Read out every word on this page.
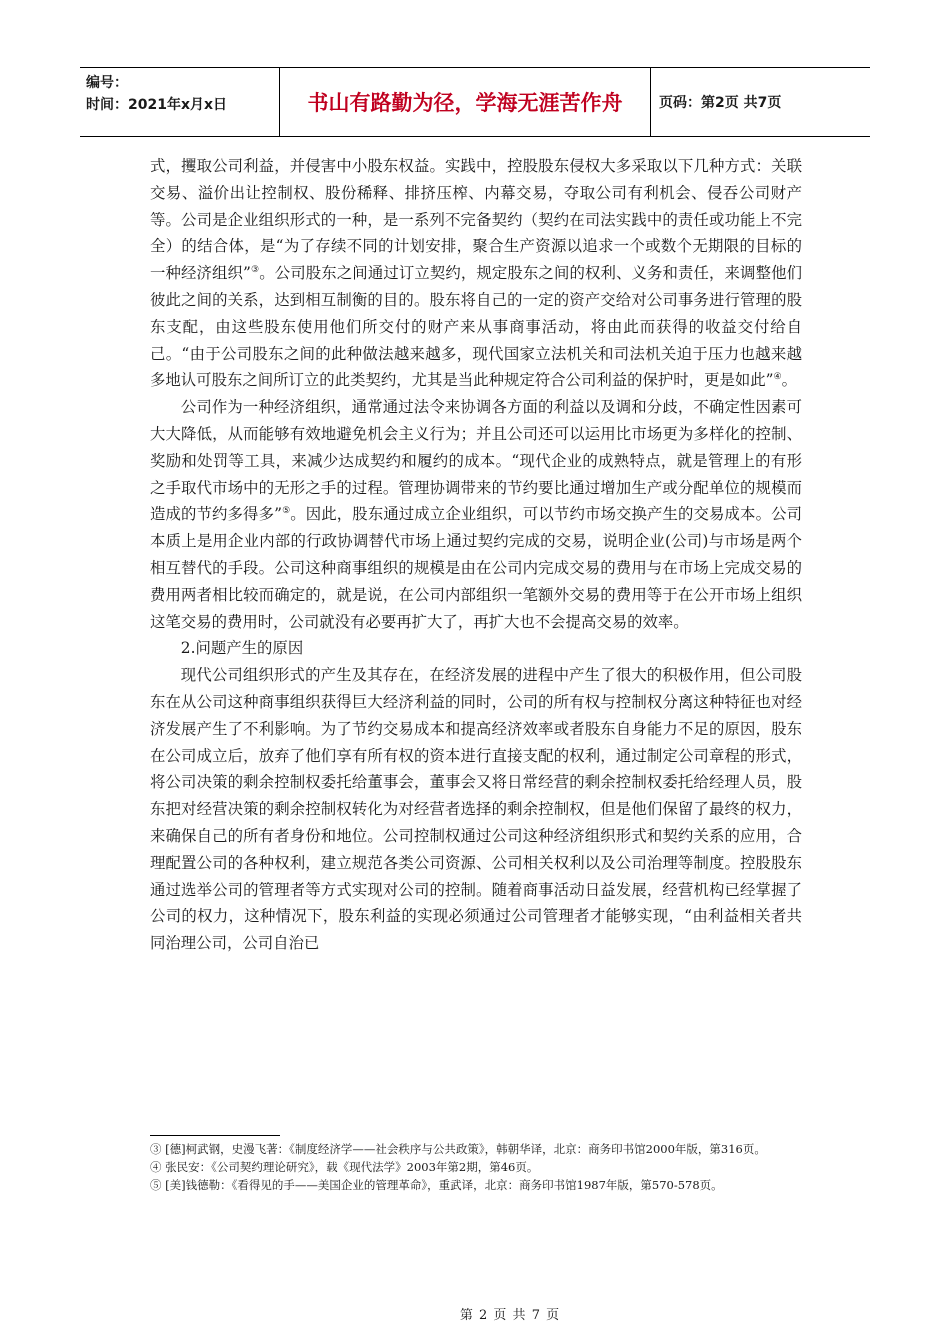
编号：
时间：2021年x月x日	书山有路勤为径，学海无涯苦作舟	页码：第2页 共7页

式，攫取公司利益，并侵害中小股东权益。实践中，控股股东侵权大多采取以下几种方式：关联交易、溢价出让控制权、股份稀释、排挤压榨、内幕交易，夺取公司有利机会、侵吞公司财产等。公司是企业组织形式的一种，是一系列不完备契约（契约在司法实践中的责任或功能上不完全）的结合体，是“为了存续不同的计划安排，聚合生产资源以追求一个或数个无期限的目标的一种经济组织”③。公司股东之间通过订立契约，规定股东之间的权利、义务和责任，来调整他们彼此之间的关系，达到相互制衡的目的。股东将自己的一定的资产交给对公司事务进行管理的股东支配，由这些股东使用他们所交付的财产来从事商事活动，将由此而获得的收益交付给自己。“由于公司股东之间的此种做法越来越多，现代国家立法机关和司法机关迫于压力也越来越多地认可股东之间所订立的此类契约，尤其是当此种规定符合公司利益的保护时，更是如此”④。

公司作为一种经济组织，通常通过法令来协调各方面的利益以及调和分歧，不确定性因素可大大降低，从而能够有效地避免机会主义行为；并且公司还可以运用比市场更为多样化的控制、奖励和处罚等工具，来减少达成契约和履约的成本。“现代企业的成熟特点，就是管理上的有形之手取代市场中的无形之手的过程。管理协调带来的节约要比通过增加生产或分配单位的规模而造成的节约多得多”⑤。因此，股东通过成立企业组织，可以节约市场交换产生的交易成本。公司本质上是用企业内部的行政协调替代市场上通过契约完成的交易，说明企业(公司)与市场是两个相互替代的手段。公司这种商事组织的规模是由在公司内完成交易的费用与在市场上完成交易的费用两者相比较而确定的，就是说，在公司内部组织一笔额外交易的费用等于在公开市场上组织这笔交易的费用时，公司就没有必要再扩大了，再扩大也不会提高交易的效率。

2.问题产生的原因

现代公司组织形式的产生及其存在，在经济发展的进程中产生了很大的积极作用，但公司股东在从公司这种商事组织获得巨大经济利益的同时，公司的所有权与控制权分离这种特征也对经济发展产生了不利影响。为了节约交易成本和提高经济效率或者股东自身能力不足的原因，股东在公司成立后，放弃了他们享有所有权的资本进行直接支配的权利，通过制定公司章程的形式，将公司决策的剩余控制权委托给董事会，董事会又将日常经营的剩余控制权委托给经理人员，股东把对经营决策的剩余控制权转化为对经营者选择的剩余控制权，但是他们保留了最终的权力，来确保自己的所有者身份和地位。公司控制权通过公司这种经济组织形式和契约关系的应用，合理配置公司的各种权利，建立规范各类公司资源、公司相关权利以及公司治理等制度。控股股东通过选举公司的管理者等方式实现对公司的控制。随着商事活动日益发展，经营机构已经掌握了公司的权力，这种情况下，股东利益的实现必须通过公司管理者才能够实现，“由利益相关者共同治理公司，公司自治已

③ [德]柯武钢，史漫飞著：《制度经济学——社会秩序与公共政策》，韩朝华译，北京：商务印书馆2000年版，第316页。

④ 张民安：《公司契约理论研究》，载《现代法学》2003年第2期，第46页。

⑤ [美]钱德勒：《看得见的手——美国企业的管理革命》，重武译，北京：商务印书馆1987年版，第570-578页。

第 2 页 共 7 页
